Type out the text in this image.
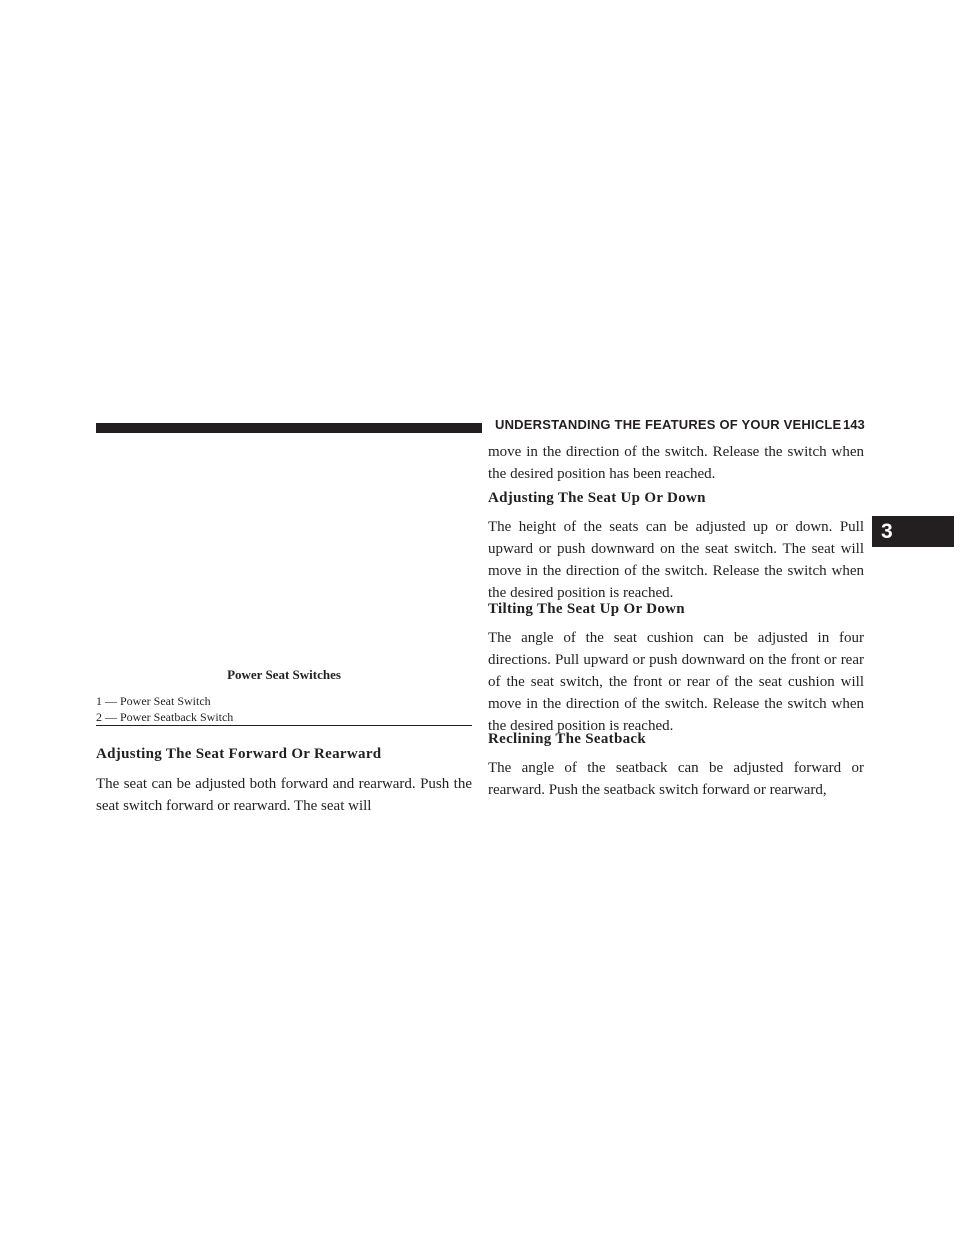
UNDERSTANDING THE FEATURES OF YOUR VEHICLE 143
3
Power Seat Switches
1 — Power Seat Switch
2 — Power Seatback Switch
Adjusting The Seat Forward Or Rearward
The seat can be adjusted both forward and rearward. Push the seat switch forward or rearward. The seat will
move in the direction of the switch. Release the switch when the desired position has been reached.
Adjusting The Seat Up Or Down
The height of the seats can be adjusted up or down. Pull upward or push downward on the seat switch. The seat will move in the direction of the switch. Release the switch when the desired position is reached.
Tilting The Seat Up Or Down
The angle of the seat cushion can be adjusted in four directions. Pull upward or push downward on the front or rear of the seat switch, the front or rear of the seat cushion will move in the direction of the switch. Release the switch when the desired position is reached.
Reclining The Seatback
The angle of the seatback can be adjusted forward or rearward. Push the seatback switch forward or rearward,
